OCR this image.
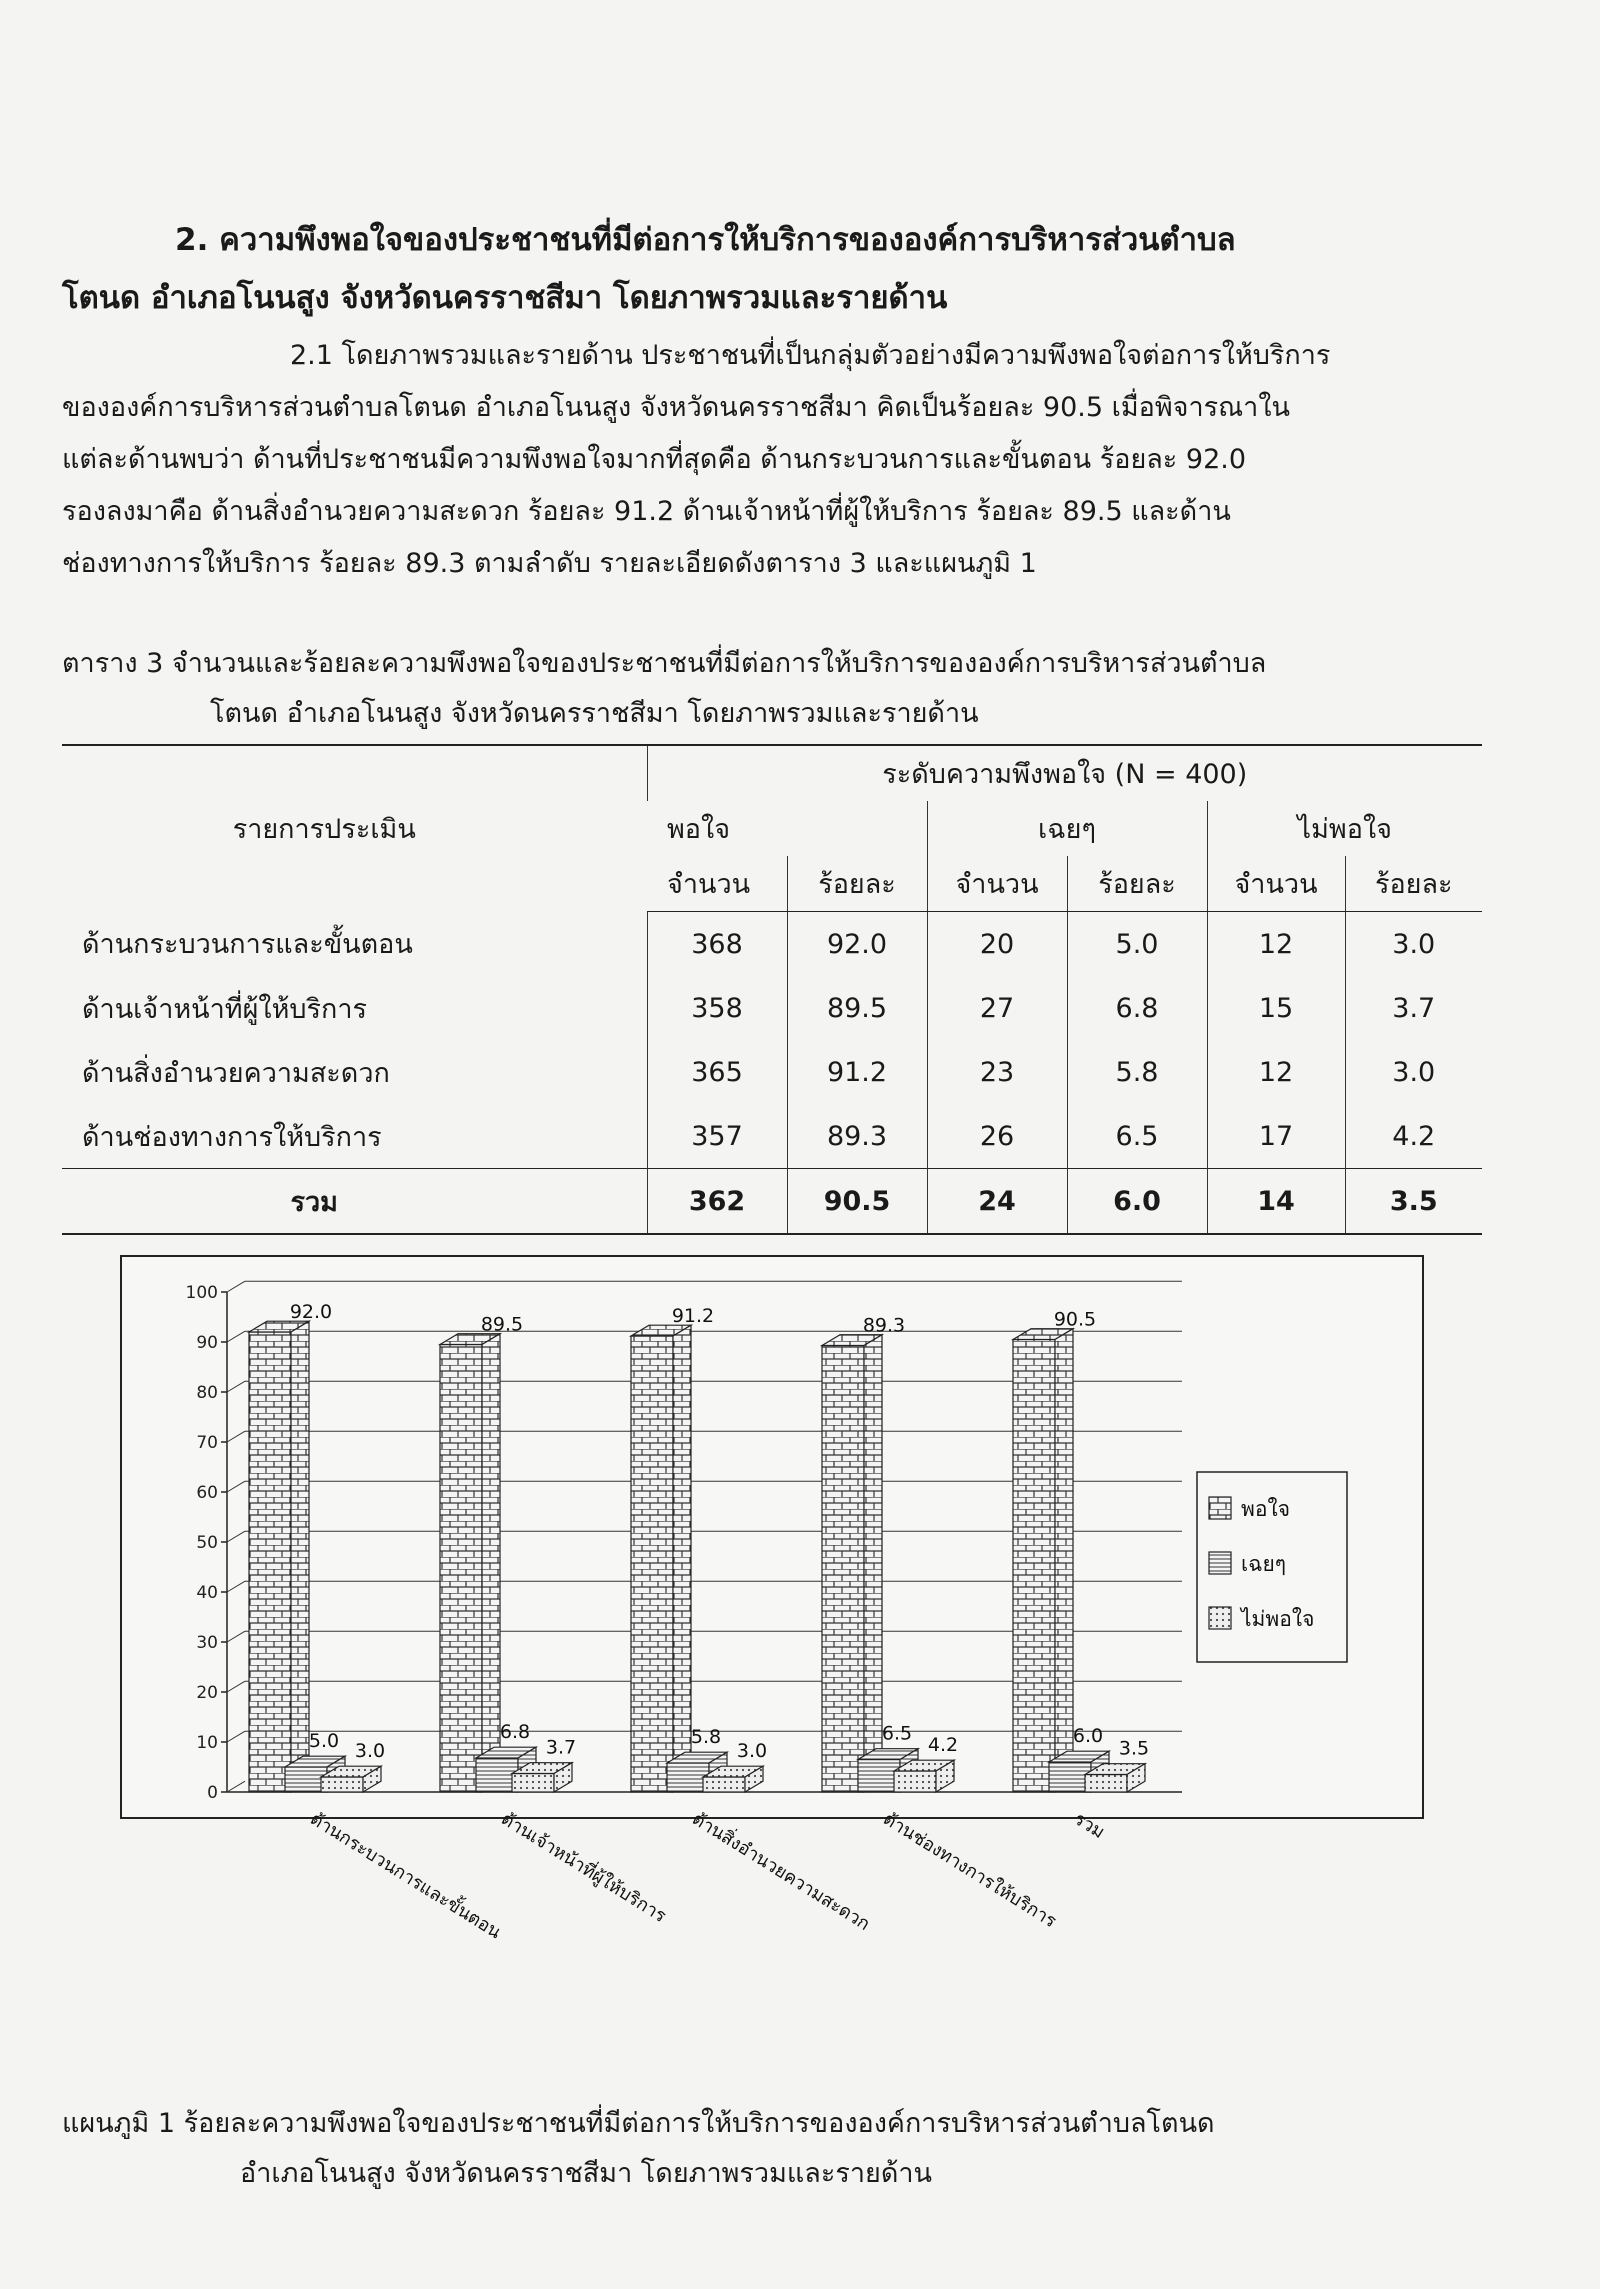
2. ความพึงพอใจของประชาชนที่มีต่อการให้บริการขององค์การบริหารส่วนตำบล
โตนด อำเภอโนนสูง จังหวัดนครราชสีมา โดยภาพรวมและรายด้าน
2.1 โดยภาพรวมและรายด้าน ประชาชนที่เป็นกลุ่มตัวอย่างมีความพึงพอใจต่อการให้บริการ
ขององค์การบริหารส่วนตำบลโตนด อำเภอโนนสูง จังหวัดนครราชสีมา คิดเป็นร้อยละ 90.5 เมื่อพิจารณาใน
แต่ละด้านพบว่า ด้านที่ประชาชนมีความพึงพอใจมากที่สุดคือ ด้านกระบวนการและขั้นตอน ร้อยละ 92.0
รองลงมาคือ ด้านสิ่งอำนวยความสะดวก ร้อยละ 91.2 ด้านเจ้าหน้าที่ผู้ให้บริการ ร้อยละ 89.5 และด้าน
ช่องทางการให้บริการ ร้อยละ 89.3 ตามลำดับ รายละเอียดดังตาราง 3 และแผนภูมิ 1
ตาราง 3 จำนวนและร้อยละความพึงพอใจของประชาชนที่มีต่อการให้บริการขององค์การบริหารส่วนตำบล
โตนด อำเภอโนนสูง จังหวัดนครราชสีมา โดยภาพรวมและรายด้าน
รายการประเมิน	ระดับความพึงพอใจ (N = 400)					
	พอใจ		เฉยๆ		ไม่พอใจ	
	จำนวน	ร้อยละ	จำนวน	ร้อยละ	จำนวน	ร้อยละ
ด้านกระบวนการและขั้นตอน	368	92.0	20	5.0	12	3.0
ด้านเจ้าหน้าที่ผู้ให้บริการ	358	89.5	27	6.8	15	3.7
ด้านสิ่งอำนวยความสะดวก	365	91.2	23	5.8	12	3.0
ด้านช่องทางการให้บริการ	357	89.3	26	6.5	17	4.2
รวม	362	90.5	24	6.0	14	3.5
0
10
20
30
40
50
60
70
80
90
100
92.0
5.0 3.0
ด้านกระบวนการและขั้นตอน
89.5
6.8
3.7
ด้านเจ้าหน้าที่ผู้ให้บริการ
91.2
5.8
3.0
ด้านสิ่งอำนวยความสะดวก
89.3
6.5
4.2
ด้านช่องทางการให้บริการ
90.5
6.0
3.5
รวม
พอใจ
เฉยๆ
ไม่พอใจ
แผนภูมิ 1 ร้อยละความพึงพอใจของประชาชนที่มีต่อการให้บริการขององค์การบริหารส่วนตำบลโตนด
อำเภอโนนสูง จังหวัดนครราชสีมา โดยภาพรวมและรายด้าน
